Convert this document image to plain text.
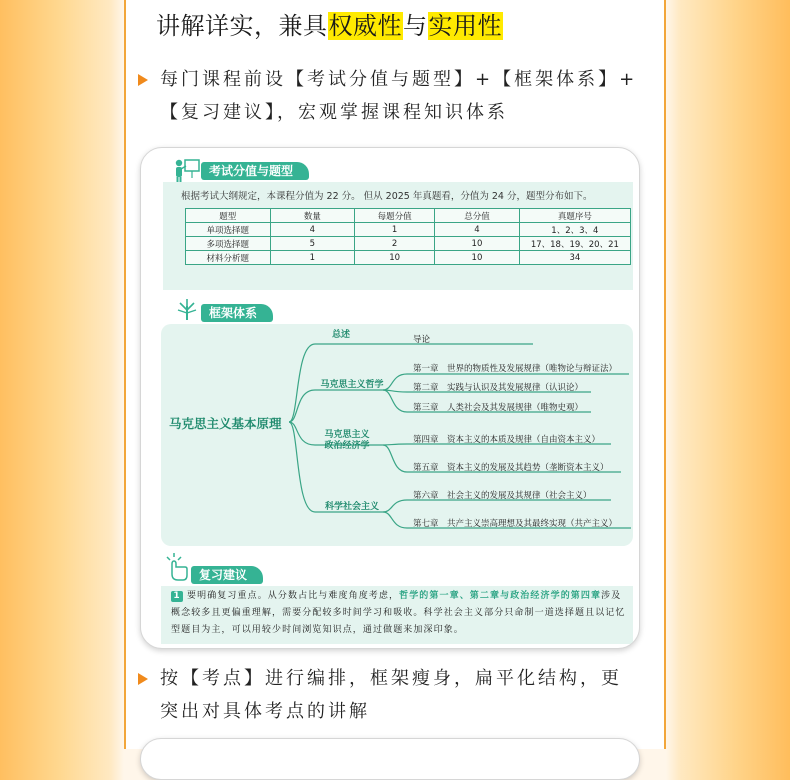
讲解详实，兼具权威性与实用性
每门课程前设【考试分值与题型】+【框架体系】+【复习建议】，宏观掌握课程知识体系
考试分值与题型
根据考试大纲规定，本课程分值为 22 分。 但从 2025 年真题看，分值为 24 分，题型分布如下。
题型	数量	每题分值	总分值	真题序号
单项选择题	4	1	4	1、2、3、4
多项选择题	5	2	10	17、18、19、20、21
材料分析题	1	10	10	34
框架体系
马克思主义基本原理
总述	导论
马克思主义哲学
第一章　世界的物质性及发展规律（唯物论与辩证法）
第二章　实践与认识及其发展规律（认识论）
第三章　人类社会及其发展规律（唯物史观）
马克思主义
政治经济学
第四章　资本主义的本质及规律（自由资本主义）
第五章　资本主义的发展及其趋势（垄断资本主义）
科学社会主义
第六章　社会主义的发展及其规律（社会主义）
第七章　共产主义崇高理想及其最终实现（共产主义）
复习建议
1 要明确复习重点。从分数占比与难度角度考虑，哲学的第一章、第二章与政治经济学的第四章涉及概念较多且更偏重理解，需要分配较多时间学习和吸收。科学社会主义部分只命制一道选择题且以记忆型题目为主，可以用较少时间浏览知识点，通过做题来加深印象。
按【考点】进行编排，框架瘦身，扁平化结构，更突出对具体考点的讲解
